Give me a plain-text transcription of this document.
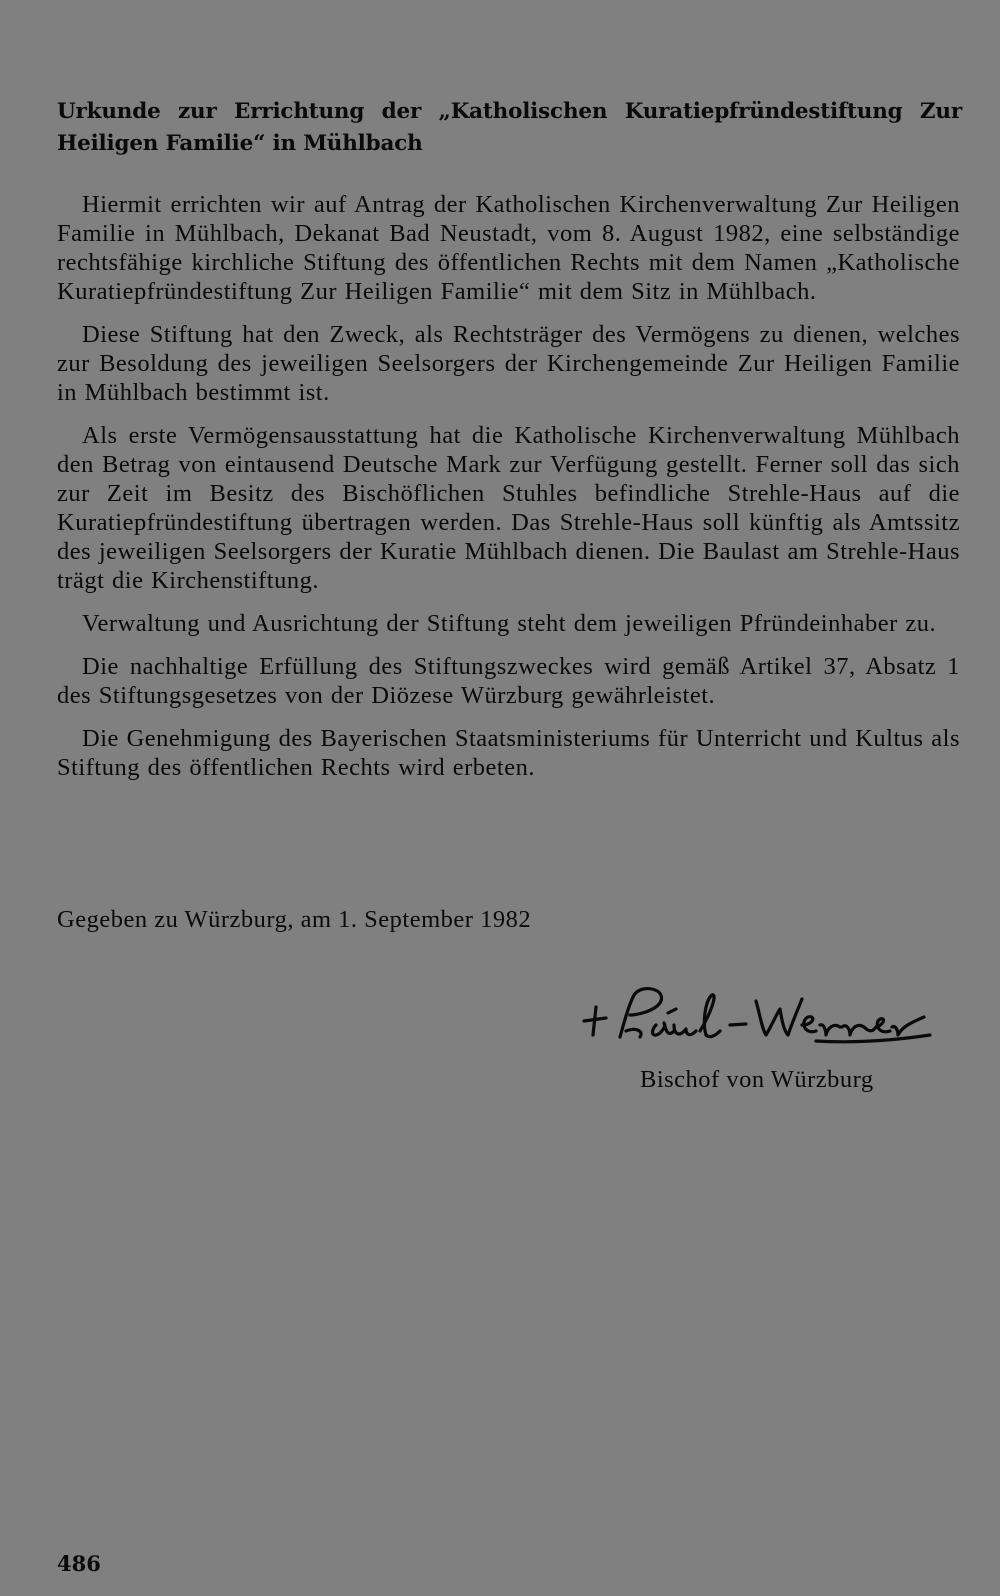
Urkunde zur Errichtung der „Katholischen Kuratiepfründestiftung Zur Heiligen Familie“ in Mühlbach

Hiermit errichten wir auf Antrag der Katholischen Kirchenverwaltung Zur Heiligen Familie in Mühlbach, Dekanat Bad Neustadt, vom 8. August 1982, eine selbständige rechtsfähige kirchliche Stiftung des öffentlichen Rechts mit dem Namen „Katholische Kuratiepfründestiftung Zur Heiligen Familie“ mit dem Sitz in Mühlbach.

Diese Stiftung hat den Zweck, als Rechtsträger des Vermögens zu dienen, welches zur Besoldung des jeweiligen Seelsorgers der Kirchengemeinde Zur Heiligen Familie in Mühlbach bestimmt ist.

Als erste Vermögensausstattung hat die Katholische Kirchenverwaltung Mühlbach den Betrag von eintausend Deutsche Mark zur Verfügung gestellt. Ferner soll das sich zur Zeit im Besitz des Bischöflichen Stuhles befindliche Strehle-Haus auf die Kuratiepfründestiftung übertragen werden. Das Strehle-Haus soll künftig als Amtssitz des jeweiligen Seelsorgers der Kuratie Mühlbach dienen. Die Baulast am Strehle-Haus trägt die Kirchenstiftung.

Verwaltung und Ausrichtung der Stiftung steht dem jeweiligen Pfründeinhaber zu.

Die nachhaltige Erfüllung des Stiftungszweckes wird gemäß Artikel 37, Absatz 1 des Stiftungsgesetzes von der Diözese Würzburg gewährleistet.

Die Genehmigung des Bayerischen Staatsministeriums für Unterricht und Kultus als Stiftung des öffentlichen Rechts wird erbeten.

Gegeben zu Würzburg, am 1. September 1982

Bischof von Würzburg

486
